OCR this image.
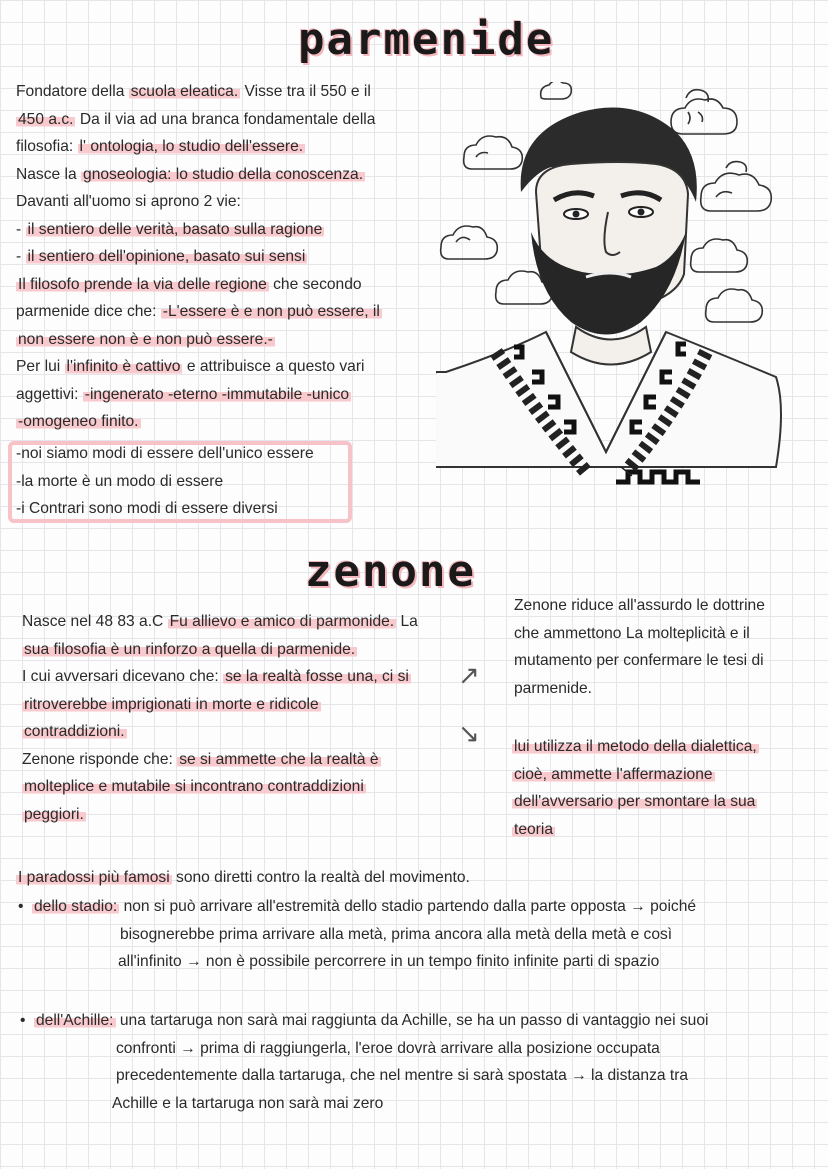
parmenide

Fondatore della scuola eleatica. Visse tra il 550 e il

450 a.c. Da il via ad una branca fondamentale della

filosofia: l' ontologia, lo studio dell'essere.

Nasce la gnoseologia: lo studio della conoscenza.

Davanti all'uomo si aprono 2 vie:

- il sentiero delle verità, basato sulla ragione

- il sentiero dell'opinione, basato sui sensi

Il filosofo prende la via delle regione che secondo

parmenide dice che: -L'essere è e non può essere, il

non essere non è e non può essere.-

Per lui l'infinito è cattivo e attribuisce a questo vari

aggettivi: -ingenerato -eterno -immutabile -unico

-omogeneo finito.

-noi siamo modi di essere dell'unico essere

-la morte è un modo di essere

-i Contrari sono modi di essere diversi

zenone

Nasce nel 48 83 a.C Fu allievo e amico di parmonide. La

sua filosofia è un rinforzo a quella di parmenide.

I cui avversari dicevano che: se la realtà fosse una, ci si

ritroverebbe imprigionati in morte e ridicole

contraddizioni.

Zenone risponde che: se si ammette che la realtà è

molteplice e mutabile si incontrano contraddizioni

peggiori.

↗
↘

Zenone riduce all'assurdo le dottrine

che ammettono La molteplicità e il

mutamento per confermare le tesi di

parmenide.

lui utilizza il metodo della dialettica,

cioè, ammette l'affermazione

dell'avversario per smontare la sua

teoria

I paradossi più famosi sono diretti contro la realtà del movimento.

• dello stadio: non si può arrivare all'estremità dello stadio partendo dalla parte opposta → poiché

bisognerebbe prima arrivare alla metà, prima ancora alla metà della metà e così

all'infinito → non è possibile percorrere in un tempo finito infinite parti di spazio

• dell'Achille: una tartaruga non sarà mai raggiunta da Achille, se ha un passo di vantaggio nei suoi

confronti → prima di raggiungerla, l'eroe dovrà arrivare alla posizione occupata

precedentemente dalla tartaruga, che nel mentre si sarà spostata → la distanza tra

Achille e la tartaruga non sarà mai zero
